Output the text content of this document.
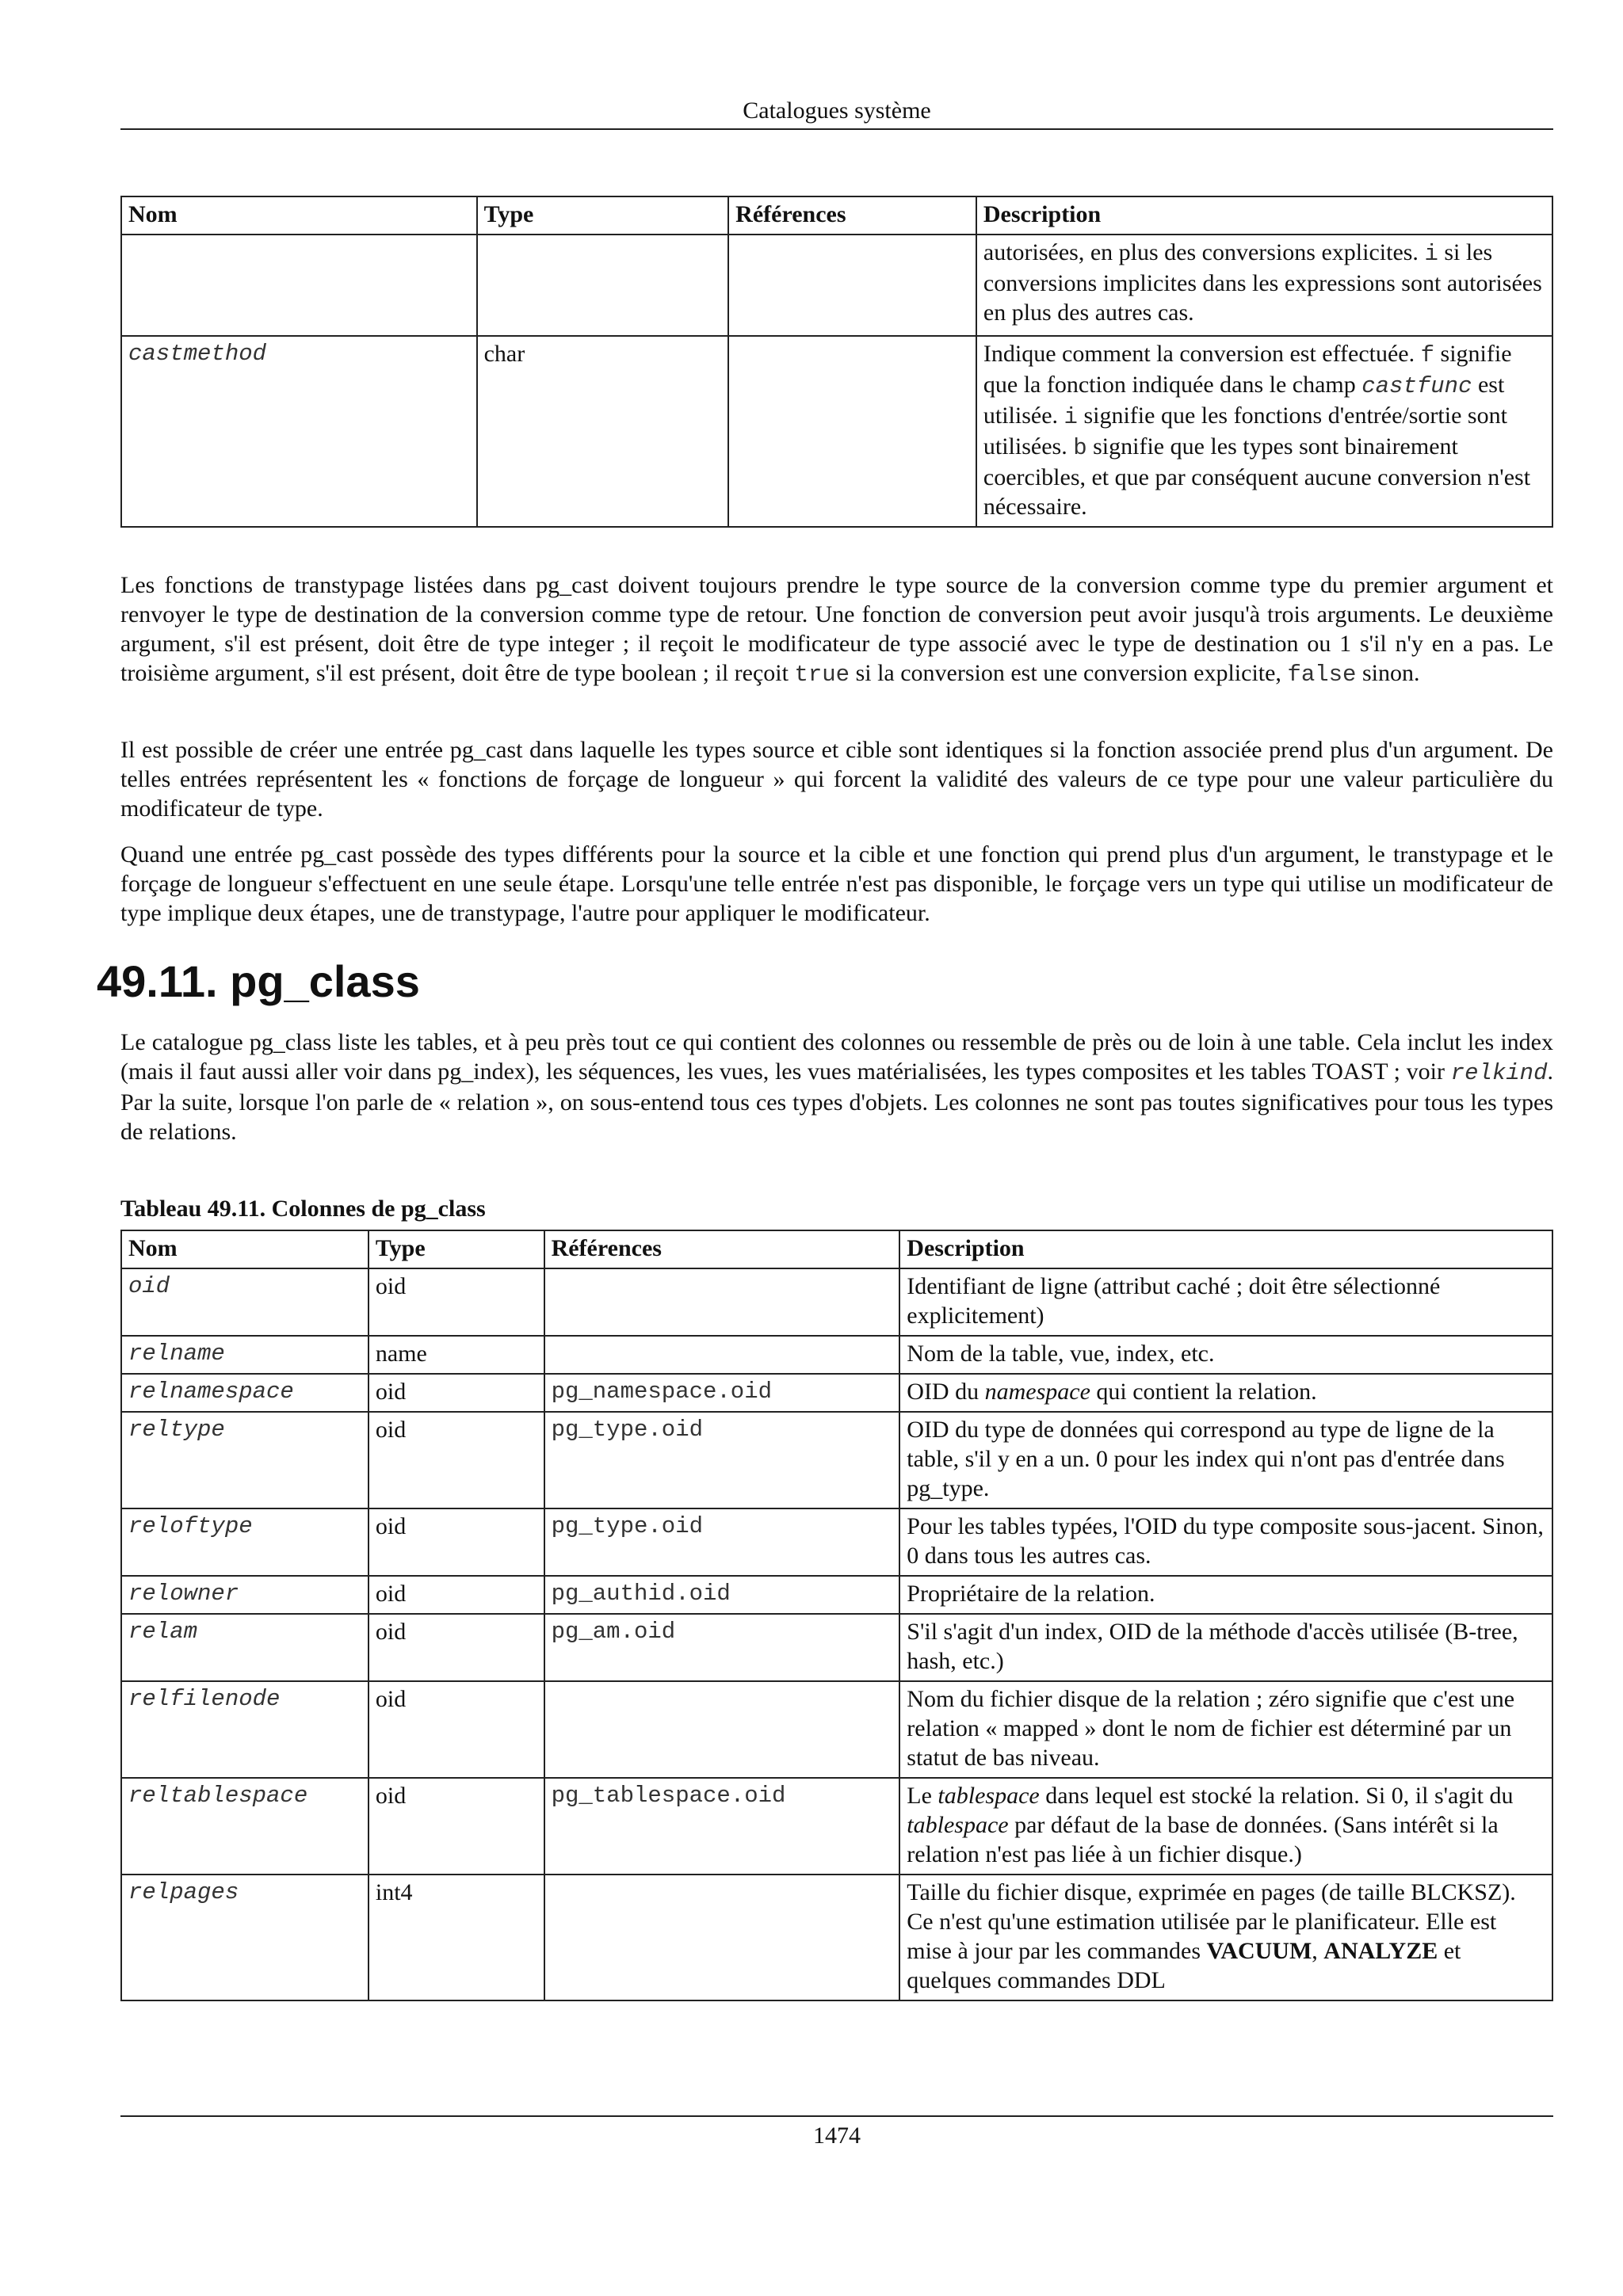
Catalogues système
Nom	Type	Références	Description
			autorisées, en plus des conversions explicites. i si les conversions implicites dans les expressions sont autorisées en plus des autres cas.
castmethod	char		Indique comment la conversion est effectuée. f signifie que la fonction indiquée dans le champ castfunc est utilisée. i signifie que les fonctions d'entrée/sortie sont utilisées. b signifie que les types sont binairement coercibles, et que par conséquent aucune conversion n'est nécessaire.

Les fonctions de transtypage listées dans pg_cast doivent toujours prendre le type source de la conversion comme type du premier argument et renvoyer le type de destination de la conversion comme type de retour. Une fonction de conversion peut avoir jusqu'à trois arguments. Le deuxième argument, s'il est présent, doit être de type integer ; il reçoit le modificateur de type associé avec le type de destination ou 1 s'il n'y en a pas. Le troisième argument, s'il est présent, doit être de type boolean ; il reçoit true si la conversion est une conversion explicite, false sinon.

Il est possible de créer une entrée pg_cast dans laquelle les types source et cible sont identiques si la fonction associée prend plus d'un argument. De telles entrées représentent les « fonctions de forçage de longueur » qui forcent la validité des valeurs de ce type pour une valeur particulière du modificateur de type.

Quand une entrée pg_cast possède des types différents pour la source et la cible et une fonction qui prend plus d'un argument, le transtypage et le forçage de longueur s'effectuent en une seule étape. Lorsqu'une telle entrée n'est pas disponible, le forçage vers un type qui utilise un modificateur de type implique deux étapes, une de transtypage, l'autre pour appliquer le modificateur.

49.11. pg_class

Le catalogue pg_class liste les tables, et à peu près tout ce qui contient des colonnes ou ressemble de près ou de loin à une table. Cela inclut les index (mais il faut aussi aller voir dans pg_index), les séquences, les vues, les vues matérialisées, les types composites et les tables TOAST ; voir relkind. Par la suite, lorsque l'on parle de « relation », on sous-entend tous ces types d'objets. Les colonnes ne sont pas toutes significatives pour tous les types de relations.

Tableau 49.11. Colonnes de pg_class

Nom	Type	Références	Description
oid	oid		Identifiant de ligne (attribut caché ; doit être sélectionné explicitement)
relname	name		Nom de la table, vue, index, etc.
relnamespace	oid	pg_namespace.oid	OID du namespace qui contient la relation.
reltype	oid	pg_type.oid	OID du type de données qui correspond au type de ligne de la table, s'il y en a un. 0 pour les index qui n'ont pas d'entrée dans pg_type.
reloftype	oid	pg_type.oid	Pour les tables typées, l'OID du type composite sous-jacent. Sinon, 0 dans tous les autres cas.
relowner	oid	pg_authid.oid	Propriétaire de la relation.
relam	oid	pg_am.oid	S'il s'agit d'un index, OID de la méthode d'accès utilisée (B-tree, hash, etc.)
relfilenode	oid		Nom du fichier disque de la relation ; zéro signifie que c'est une relation « mapped » dont le nom de fichier est déterminé par un statut de bas niveau.
reltablespace	oid	pg_tablespace.oid	Le tablespace dans lequel est stocké la relation. Si 0, il s'agit du tablespace par défaut de la base de données. (Sans intérêt si la relation n'est pas liée à un fichier disque.)
relpages	int4		Taille du fichier disque, exprimée en pages (de taille BLCKSZ). Ce n'est qu'une estimation utilisée par le planificateur. Elle est mise à jour par les commandes VACUUM, ANALYZE et quelques commandes DDL
1474
